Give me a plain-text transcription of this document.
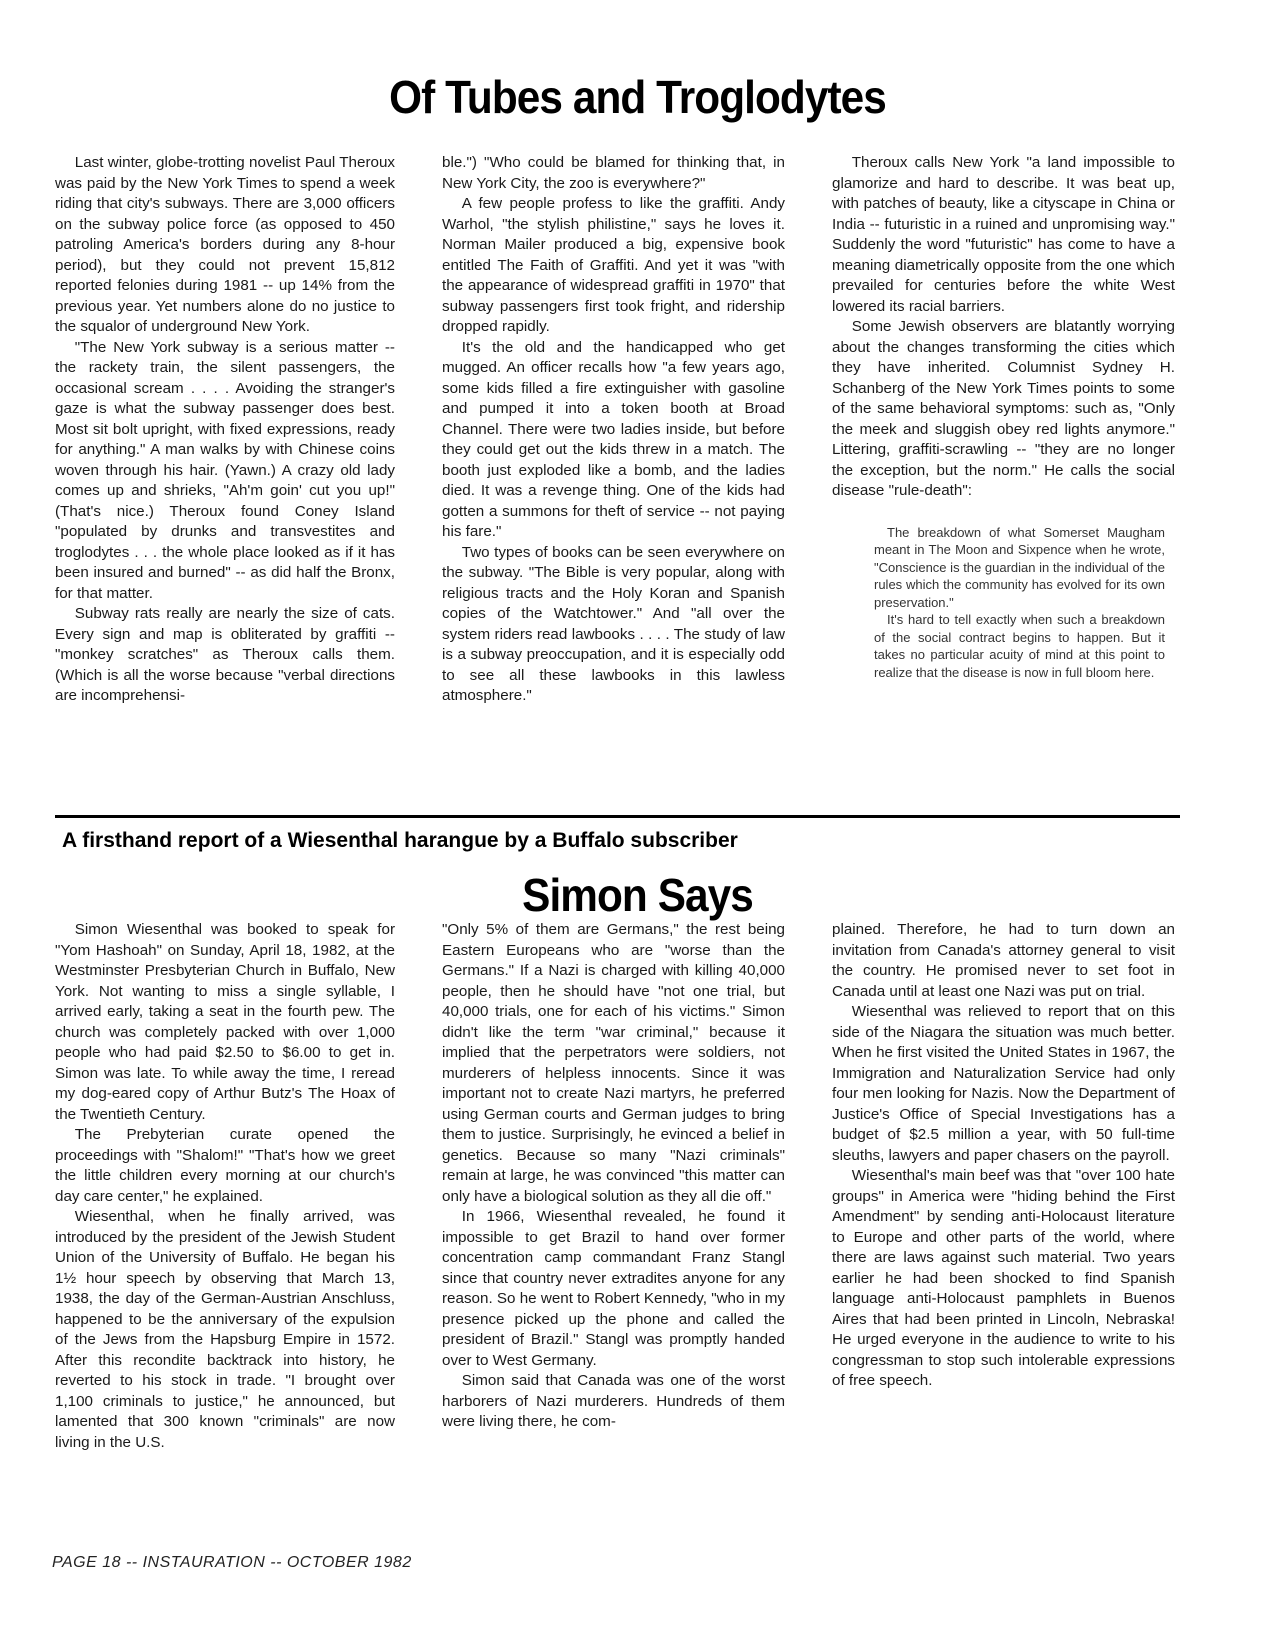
Of Tubes and Troglodytes

Last winter, globe-trotting novelist Paul Theroux was paid by the New York Times to spend a week riding that city's subways. There are 3,000 officers on the subway police force (as opposed to 450 patroling America's borders during any 8-hour period), but they could not prevent 15,812 reported felonies during 1981 -- up 14% from the previous year. Yet numbers alone do no justice to the squalor of underground New York.

"The New York subway is a serious matter -- the rackety train, the silent passengers, the occasional scream . . . . Avoiding the stranger's gaze is what the subway passenger does best. Most sit bolt upright, with fixed expressions, ready for anything." A man walks by with Chinese coins woven through his hair. (Yawn.) A crazy old lady comes up and shrieks, "Ah'm goin' cut you up!" (That's nice.) Theroux found Coney Island "populated by drunks and transvestites and troglodytes . . . the whole place looked as if it has been insured and burned" -- as did half the Bronx, for that matter.

Subway rats really are nearly the size of cats. Every sign and map is obliterated by graffiti -- "monkey scratches" as Theroux calls them. (Which is all the worse because "verbal directions are incomprehensi-

ble.") "Who could be blamed for thinking that, in New York City, the zoo is everywhere?"

A few people profess to like the graffiti. Andy Warhol, "the stylish philistine," says he loves it. Norman Mailer produced a big, expensive book entitled The Faith of Graffiti. And yet it was "with the appearance of widespread graffiti in 1970" that subway passengers first took fright, and ridership dropped rapidly.

It's the old and the handicapped who get mugged. An officer recalls how "a few years ago, some kids filled a fire extinguisher with gasoline and pumped it into a token booth at Broad Channel. There were two ladies inside, but before they could get out the kids threw in a match. The booth just exploded like a bomb, and the ladies died. It was a revenge thing. One of the kids had gotten a summons for theft of service -- not paying his fare."

Two types of books can be seen everywhere on the subway. "The Bible is very popular, along with religious tracts and the Holy Koran and Spanish copies of the Watchtower." And "all over the system riders read lawbooks . . . . The study of law is a subway preoccupation, and it is especially odd to see all these lawbooks in this lawless atmosphere."

Theroux calls New York "a land impossible to glamorize and hard to describe. It was beat up, with patches of beauty, like a cityscape in China or India -- futuristic in a ruined and unpromising way." Suddenly the word "futuristic" has come to have a meaning diametrically opposite from the one which prevailed for centuries before the white West lowered its racial barriers.

Some Jewish observers are blatantly worrying about the changes transforming the cities which they have inherited. Columnist Sydney H. Schanberg of the New York Times points to some of the same behavioral symptoms: such as, "Only the meek and sluggish obey red lights anymore." Littering, graffiti-scrawling -- "they are no longer the exception, but the norm." He calls the social disease "rule-death":

The breakdown of what Somerset Maugham meant in The Moon and Sixpence when he wrote, "Conscience is the guardian in the individual of the rules which the community has evolved for its own preservation."

It's hard to tell exactly when such a breakdown of the social contract begins to happen. But it takes no particular acuity of mind at this point to realize that the disease is now in full bloom here.

A firsthand report of a Wiesenthal harangue by a Buffalo subscriber
Simon Says

Simon Wiesenthal was booked to speak for "Yom Hashoah" on Sunday, April 18, 1982, at the Westminster Presbyterian Church in Buffalo, New York. Not wanting to miss a single syllable, I arrived early, taking a seat in the fourth pew. The church was completely packed with over 1,000 people who had paid $2.50 to $6.00 to get in. Simon was late. To while away the time, I reread my dog-eared copy of Arthur Butz's The Hoax of the Twentieth Century.

The Prebyterian curate opened the proceedings with "Shalom!" "That's how we greet the little children every morning at our church's day care center," he explained.

Wiesenthal, when he finally arrived, was introduced by the president of the Jewish Student Union of the University of Buffalo. He began his 1½ hour speech by observing that March 13, 1938, the day of the German-Austrian Anschluss, happened to be the anniversary of the expulsion of the Jews from the Hapsburg Empire in 1572. After this recondite backtrack into history, he reverted to his stock in trade. "I brought over 1,100 criminals to justice," he announced, but lamented that 300 known "criminals" are now living in the U.S.

"Only 5% of them are Germans," the rest being Eastern Europeans who are "worse than the Germans." If a Nazi is charged with killing 40,000 people, then he should have "not one trial, but 40,000 trials, one for each of his victims." Simon didn't like the term "war criminal," because it implied that the perpetrators were soldiers, not murderers of helpless innocents. Since it was important not to create Nazi martyrs, he preferred using German courts and German judges to bring them to justice. Surprisingly, he evinced a belief in genetics. Because so many "Nazi criminals" remain at large, he was convinced "this matter can only have a biological solution as they all die off."

In 1966, Wiesenthal revealed, he found it impossible to get Brazil to hand over former concentration camp commandant Franz Stangl since that country never extradites anyone for any reason. So he went to Robert Kennedy, "who in my presence picked up the phone and called the president of Brazil." Stangl was promptly handed over to West Germany.

Simon said that Canada was one of the worst harborers of Nazi murderers. Hundreds of them were living there, he com-

plained. Therefore, he had to turn down an invitation from Canada's attorney general to visit the country. He promised never to set foot in Canada until at least one Nazi was put on trial.

Wiesenthal was relieved to report that on this side of the Niagara the situation was much better. When he first visited the United States in 1967, the Immigration and Naturalization Service had only four men looking for Nazis. Now the Department of Justice's Office of Special Investigations has a budget of $2.5 million a year, with 50 full-time sleuths, lawyers and paper chasers on the payroll.

Wiesenthal's main beef was that "over 100 hate groups" in America were "hiding behind the First Amendment" by sending anti-Holocaust literature to Europe and other parts of the world, where there are laws against such material. Two years earlier he had been shocked to find Spanish language anti-Holocaust pamphlets in Buenos Aires that had been printed in Lincoln, Nebraska! He urged everyone in the audience to write to his congressman to stop such intolerable expressions of free speech.

PAGE 18 -- INSTAURATION -- OCTOBER 1982
